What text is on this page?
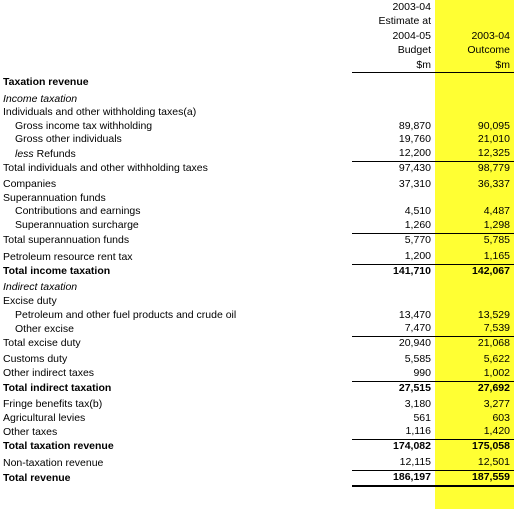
	2003-04	
	Estimate at	
	2004-05	2003-04
	Budget	Outcome
	$m	$m
Taxation revenue		
Income taxation		
Individuals and other withholding taxes(a)		
Gross income tax withholding	89,870	90,095
Gross other individuals	19,760	21,010
less Refunds	12,200	12,325
Total individuals and other withholding taxes	97,430	98,779
Companies	37,310	36,337
Superannuation funds		
Contributions and earnings	4,510	4,487
Superannuation surcharge	1,260	1,298
Total superannuation funds	5,770	5,785
Petroleum resource rent tax	1,200	1,165
Total income taxation	141,710	142,067
Indirect taxation		
Excise duty		
Petroleum and other fuel products and crude oil	13,470	13,529
Other excise	7,470	7,539
Total excise duty	20,940	21,068
Customs duty	5,585	5,622
Other indirect taxes	990	1,002
Total indirect taxation	27,515	27,692
Fringe benefits tax(b)	3,180	3,277
Agricultural levies	561	603
Other taxes	1,116	1,420
Total taxation revenue	174,082	175,058
Non-taxation revenue	12,115	12,501
Total revenue	186,197	187,559
